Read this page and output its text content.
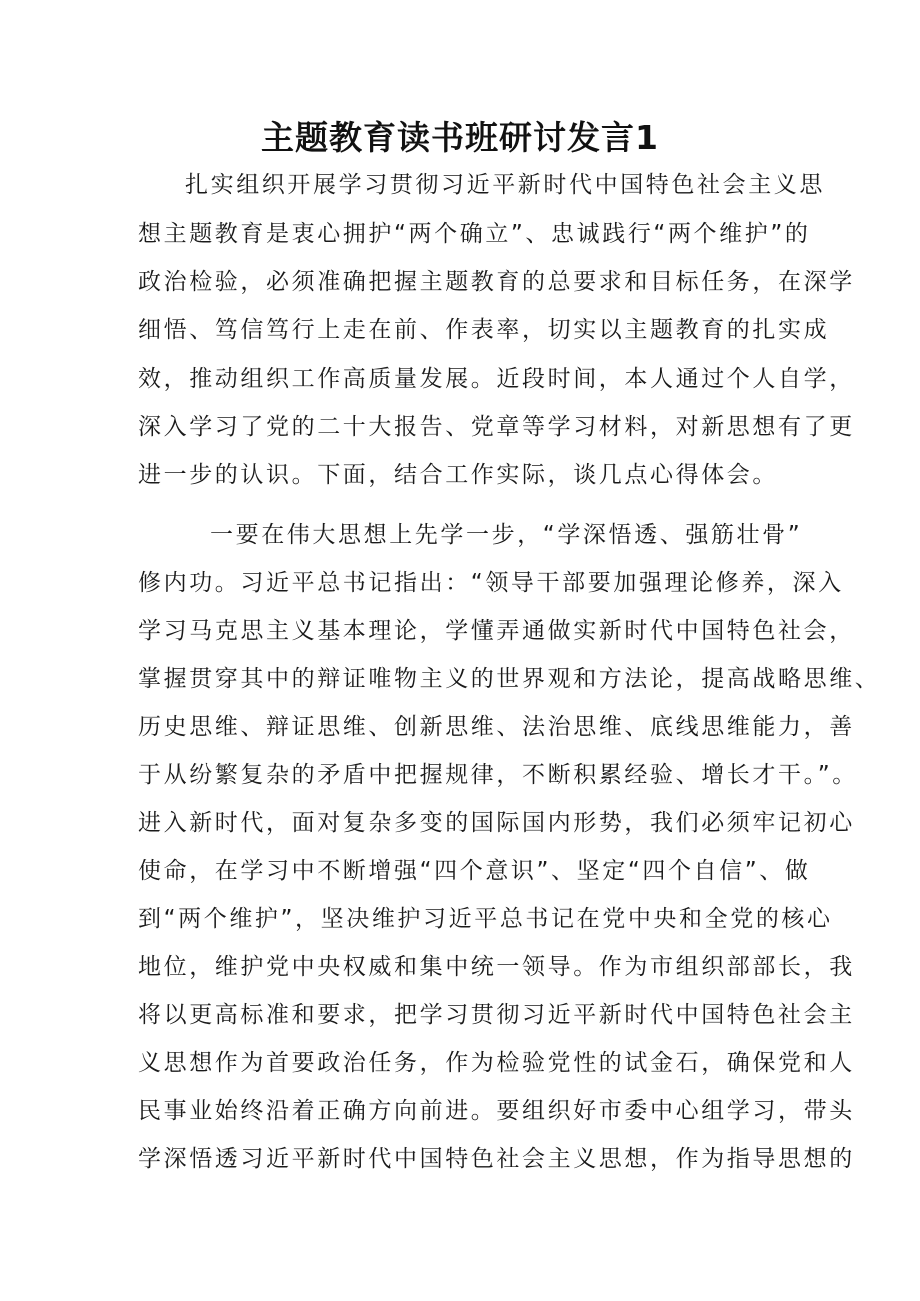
主题教育读书班研讨发言1
扎实组织开展学习贯彻习近平新时代中国特色社会主义思
想主题教育是衷心拥护“两个确立”、忠诚践行“两个维护”的
政治检验，必须准确把握主题教育的总要求和目标任务，在深学
细悟、笃信笃行上走在前、作表率，切实以主题教育的扎实成
效，推动组织工作高质量发展。近段时间，本人通过个人自学，
深入学习了党的二十大报告、党章等学习材料，对新思想有了更
进一步的认识。下面，结合工作实际，谈几点心得体会。
一要在伟大思想上先学一步，“学深悟透、强筋壮骨”
修内功。习近平总书记指出：“领导干部要加强理论修养，深入
学习马克思主义基本理论，学懂弄通做实新时代中国特色社会，
掌握贯穿其中的辩证唯物主义的世界观和方法论，提高战略思维、
历史思维、辩证思维、创新思维、法治思维、底线思维能力，善
于从纷繁复杂的矛盾中把握规律，不断积累经验、增长才干。”。
进入新时代，面对复杂多变的国际国内形势，我们必须牢记初心
使命，在学习中不断增强“四个意识”、坚定“四个自信”、做
到“两个维护”，坚决维护习近平总书记在党中央和全党的核心
地位，维护党中央权威和集中统一领导。作为市组织部部长，我
将以更高标准和要求，把学习贯彻习近平新时代中国特色社会主
义思想作为首要政治任务，作为检验党性的试金石，确保党和人
民事业始终沿着正确方向前进。要组织好市委中心组学习，带头
学深悟透习近平新时代中国特色社会主义思想，作为指导思想的
